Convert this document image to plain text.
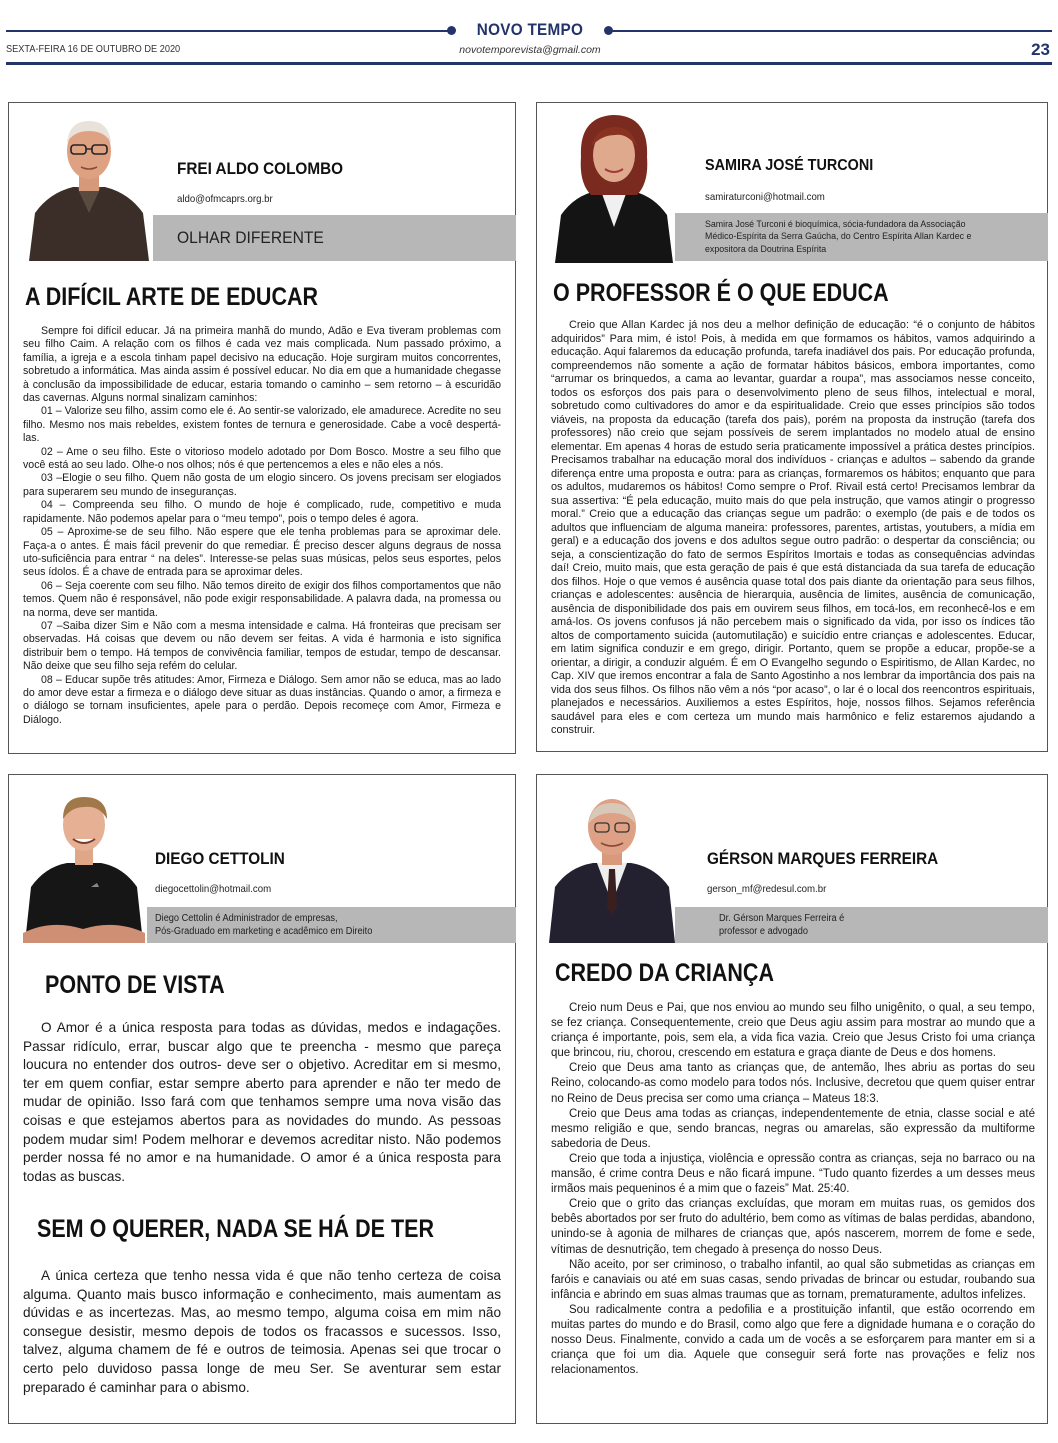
NOVO TEMPO
SEXTA-FEIRA 16 DE OUTUBRO DE 2020	novotemporevista@gmail.com	23
FREI ALDO COLOMBO
aldo@ofmcaprs.org.br
OLHAR DIFERENTE
A DIFÍCIL ARTE DE EDUCAR

Sempre foi difícil educar. Já na primeira manhã do mundo, Adão e Eva tiveram problemas com seu filho Caim. A relação com os filhos é cada vez mais complicada. Num passado próximo, a família, a igreja e a escola tinham papel decisivo na educação. Hoje surgiram muitos concorrentes, sobretudo a informática. Mas ainda assim é possível educar. No dia em que a humanidade chegasse à conclusão da impossibilidade de educar, estaria tomando o caminho – sem retorno – à escuridão das cavernas. Alguns normal sinalizam caminhos:

01 – Valorize seu filho, assim como ele é. Ao sentir-se valorizado, ele amadurece. Acredite no seu filho. Mesmo nos mais rebeldes, existem fontes de ternura e generosidade. Cabe a você despertá-las.

02 – Ame o seu filho. Este o vitorioso modelo adotado por Dom Bosco. Mostre a seu filho que você está ao seu lado. Olhe-o nos olhos; nós é que pertencemos a eles e não eles a nós.

03 –Elogie o seu filho. Quem não gosta de um elogio sincero. Os jovens precisam ser elogiados para superarem seu mundo de inseguranças.

04 – Compreenda seu filho. O mundo de hoje é complicado, rude, competitivo e muda rapidamente. Não podemos apelar para o “meu tempo”, pois o tempo deles é agora.

05 – Aproxime-se de seu filho. Não espere que ele tenha problemas para se aproximar dele. Faça-a o antes. É mais fácil prevenir do que remediar. É preciso descer alguns degraus de nossa uto-suficiência para entrar “ na deles”. Interesse-se pelas suas músicas, pelos seus esportes, pelos seus ídolos. É a chave de entrada para se aproximar deles.

06 – Seja coerente com seu filho. Não temos direito de exigir dos filhos comportamentos que não temos. Quem não é responsável, não pode exigir responsabilidade. A palavra dada, na promessa ou na norma, deve ser mantida.

07 –Saiba dizer Sim e Não com a mesma intensidade e calma. Há fronteiras que precisam ser observadas. Há coisas que devem ou não devem ser feitas. A vida é harmonia e isto significa distribuir bem o tempo. Há tempos de convivência familiar, tempos de estudar, tempo de descansar. Não deixe que seu filho seja refém do celular.

08 – Educar supõe três atitudes: Amor, Firmeza e Diálogo. Sem amor não se educa, mas ao lado do amor deve estar a firmeza e o diálogo deve situar as duas instâncias. Quando o amor, a firmeza e o diálogo se tornam insuficientes, apele para o perdão. Depois recomeçe com Amor, Firmeza e Diálogo.

SAMIRA JOSÉ TURCONI
samiraturconi@hotmail.com
Samira José Turconi é bioquímica, sócia-fundadora da Associação
Médico-Espírita da Serra Gaúcha, do Centro Espírita Allan Kardec e
expositora da Doutrina Espírita
O PROFESSOR É O QUE EDUCA

Creio que Allan Kardec já nos deu a melhor definição de educação: “é o conjunto de hábitos adquiridos” Para mim, é isto! Pois, à medida em que formamos os hábitos, vamos adquirindo a educação. Aqui falaremos da educação profunda, tarefa inadiável dos pais. Por educação profunda, compreendemos não somente a ação de formatar hábitos básicos, embora importantes, como “arrumar os brinquedos, a cama ao levantar, guardar a roupa”, mas associamos nesse conceito, todos os esforços dos pais para o desenvolvimento pleno de seus filhos, intelectual e moral, sobretudo como cultivadores do amor e da espiritualidade. Creio que esses princípios são todos viáveis, na proposta da educação (tarefa dos pais), porém na proposta da instrução (tarefa dos professores) não creio que sejam possíveis de serem implantados no modelo atual de ensino elementar. Em apenas 4 horas de estudo seria praticamente impossível a prática destes princípios. Precisamos trabalhar na educação moral dos indivíduos - crianças e adultos – sabendo da grande diferença entre uma proposta e outra: para as crianças, formaremos os hábitos; enquanto que para os adultos, mudaremos os hábitos! Como sempre o Prof. Rivail está certo! Precisamos lembrar da sua assertiva: “É pela educação, muito mais do que pela instrução, que vamos atingir o progresso moral.” Creio que a educação das crianças segue um padrão: o exemplo (de pais e de todos os adultos que influenciam de alguma maneira: professores, parentes, artistas, youtubers, a mídia em geral) e a educação dos jovens e dos adultos segue outro padrão: o despertar da consciência; ou seja, a conscientização do fato de sermos Espíritos Imortais e todas as consequências advindas daí! Creio, muito mais, que esta geração de pais é que está distanciada da sua tarefa de educação dos filhos. Hoje o que vemos é ausência quase total dos pais diante da orientação para seus filhos, crianças e adolescentes: ausência de hierarquia, ausência de limites, ausência de comunicação, ausência de disponibilidade dos pais em ouvirem seus filhos, em tocá-los, em reconhecê-los e em amá-los. Os jovens confusos já não percebem mais o significado da vida, por isso os índices tão altos de comportamento suicida (automutilação) e suicídio entre crianças e adolescentes. Educar, em latim significa conduzir e em grego, dirigir. Portanto, quem se propõe a educar, propõe-se a orientar, a dirigir, a conduzir alguém. É em O Evangelho segundo o Espiritismo, de Allan Kardec, no Cap. XIV que iremos encontrar a fala de Santo Agostinho a nos lembrar da importância dos pais na vida dos seus filhos. Os filhos não vêm a nós “por acaso”, o lar é o local dos reencontros espirituais, planejados e necessários. Auxiliemos a estes Espíritos, hoje, nossos filhos. Sejamos referência saudável para eles e com certeza um mundo mais harmônico e feliz estaremos ajudando a construir.

DIEGO CETTOLIN
diegocettolin@hotmail.com
Diego Cettolin é Administrador de empresas,
Pós-Graduado em marketing e acadêmico em Direito
PONTO DE VISTA

O Amor é a única resposta para todas as dúvidas, medos e indagações. Passar ridículo, errar, buscar algo que te preencha - mesmo que pareça loucura no entender dos outros- deve ser o objetivo. Acreditar em si mesmo, ter em quem confiar, estar sempre aberto para aprender e não ter medo de mudar de opinião. Isso fará com que tenhamos sempre uma nova visão das coisas e que estejamos abertos para as novidades do mundo. As pessoas podem mudar sim! Podem melhorar e devemos acreditar nisto. Não podemos perder nossa fé no amor e na humanidade. O amor é a única resposta para todas as buscas.

SEM O QUERER, NADA SE HÁ DE TER

A única certeza que tenho nessa vida é que não tenho certeza de coisa alguma. Quanto mais busco informação e conhecimento, mais aumentam as dúvidas e as incertezas. Mas, ao mesmo tempo, alguma coisa em mim não consegue desistir, mesmo depois de todos os fracassos e sucessos. Isso, talvez, alguma chamem de fé e outros de teimosia. Apenas sei que trocar o certo pelo duvidoso passa longe de meu Ser. Se aventurar sem estar preparado é caminhar para o abismo.

GÉRSON MARQUES FERREIRA
gerson_mf@redesul.com.br
Dr. Gérson Marques Ferreira é
professor e advogado
CREDO DA CRIANÇA

Creio num Deus e Pai, que nos enviou ao mundo seu filho unigênito, o qual, a seu tempo, se fez criança. Consequentemente, creio que Deus agiu assim para mostrar ao mundo que a criança é importante, pois, sem ela, a vida fica vazia. Creio que Jesus Cristo foi uma criança que brincou, riu, chorou, crescendo em estatura e graça diante de Deus e dos homens.

Creio que Deus ama tanto as crianças que, de antemão, lhes abriu as portas do seu Reino, colocando-as como modelo para todos nós. Inclusive, decretou que quem quiser entrar no Reino de Deus precisa ser como uma criança – Mateus 18:3.

Creio que Deus ama todas as crianças, independentemente de etnia, classe social e até mesmo religião e que, sendo brancas, negras ou amarelas, são expressão da multiforme sabedoria de Deus.

Creio que toda a injustiça, violência e opressão contra as crianças, seja no barraco ou na mansão, é crime contra Deus e não ficará impune. “Tudo quanto fizerdes a um desses meus irmãos mais pequeninos é a mim que o fazeis” Mat. 25:40.

Creio que o grito das crianças excluídas, que moram em muitas ruas, os gemidos dos bebês abortados por ser fruto do adultério, bem como as vítimas de balas perdidas, abandono, unindo-se à agonia de milhares de crianças que, após nascerem, morrem de fome e sede, vítimas de desnutrição, tem chegado à presença do nosso Deus.

Não aceito, por ser criminoso, o trabalho infantil, ao qual são submetidas as crianças em faróis e canaviais ou até em suas casas, sendo privadas de brincar ou estudar, roubando sua infância e abrindo em suas almas traumas que as tornam, prematuramente, adultos infelizes.

Sou radicalmente contra a pedofilia e a prostituição infantil, que estão ocorrendo em muitas partes do mundo e do Brasil, como algo que fere a dignidade humana e o coração do nosso Deus. Finalmente, convido a cada um de vocês a se esforçarem para manter em si a criança que foi um dia. Aquele que conseguir será forte nas provações e feliz nos relacionamentos.
